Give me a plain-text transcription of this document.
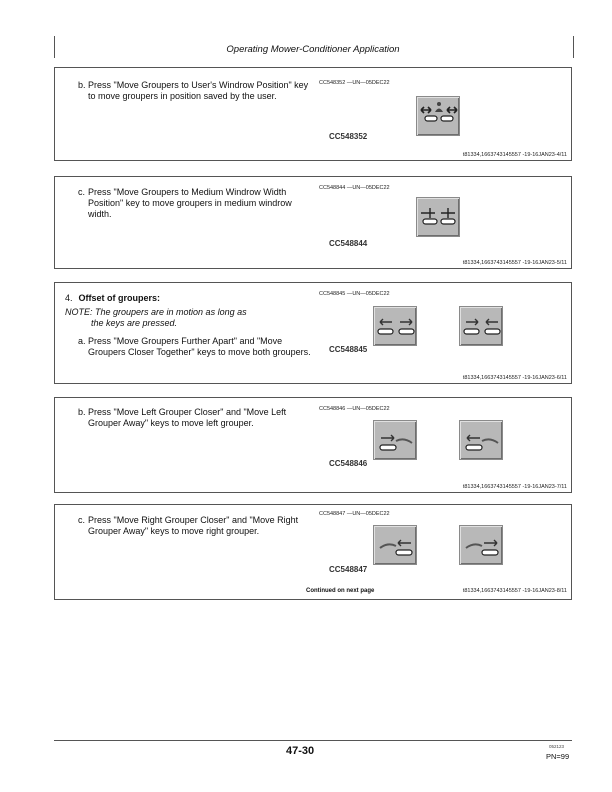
Operating Mower-Conditioner Application
b. Press "Move Groupers to User's Windrow Position" key to move groupers in position saved by the user.
CC548352 —UN—05DEC22
CC548352
t81334,1663743145557 -19-16JAN23-4/11
c. Press "Move Groupers to Medium Windrow Width Position" key to move groupers in medium windrow width.
CC548844 —UN—05DEC22
CC548844
t81334,1663743145557 -19-16JAN23-5/11
4. Offset of groupers:
NOTE: The groupers are in motion as long as
the keys are pressed.
a. Press "Move Groupers Further Apart" and "Move Groupers Closer Together" keys to move both groupers.
CC548845 —UN—05DEC22
CC548845
t81334,1663743145557 -19-16JAN23-6/11
b. Press "Move Left Grouper Closer" and "Move Left Grouper Away" keys to move left grouper.
CC548846 —UN—05DEC22
CC548846
t81334,1663743145557 -19-16JAN23-7/11
c. Press "Move Right Grouper Closer" and "Move Right Grouper Away" keys to move right grouper.
CC548847 —UN—05DEC22
CC548847
Continued on next page	t81334,1663743145557 -19-16JAN23-8/11
47-30	052123
PN=99
